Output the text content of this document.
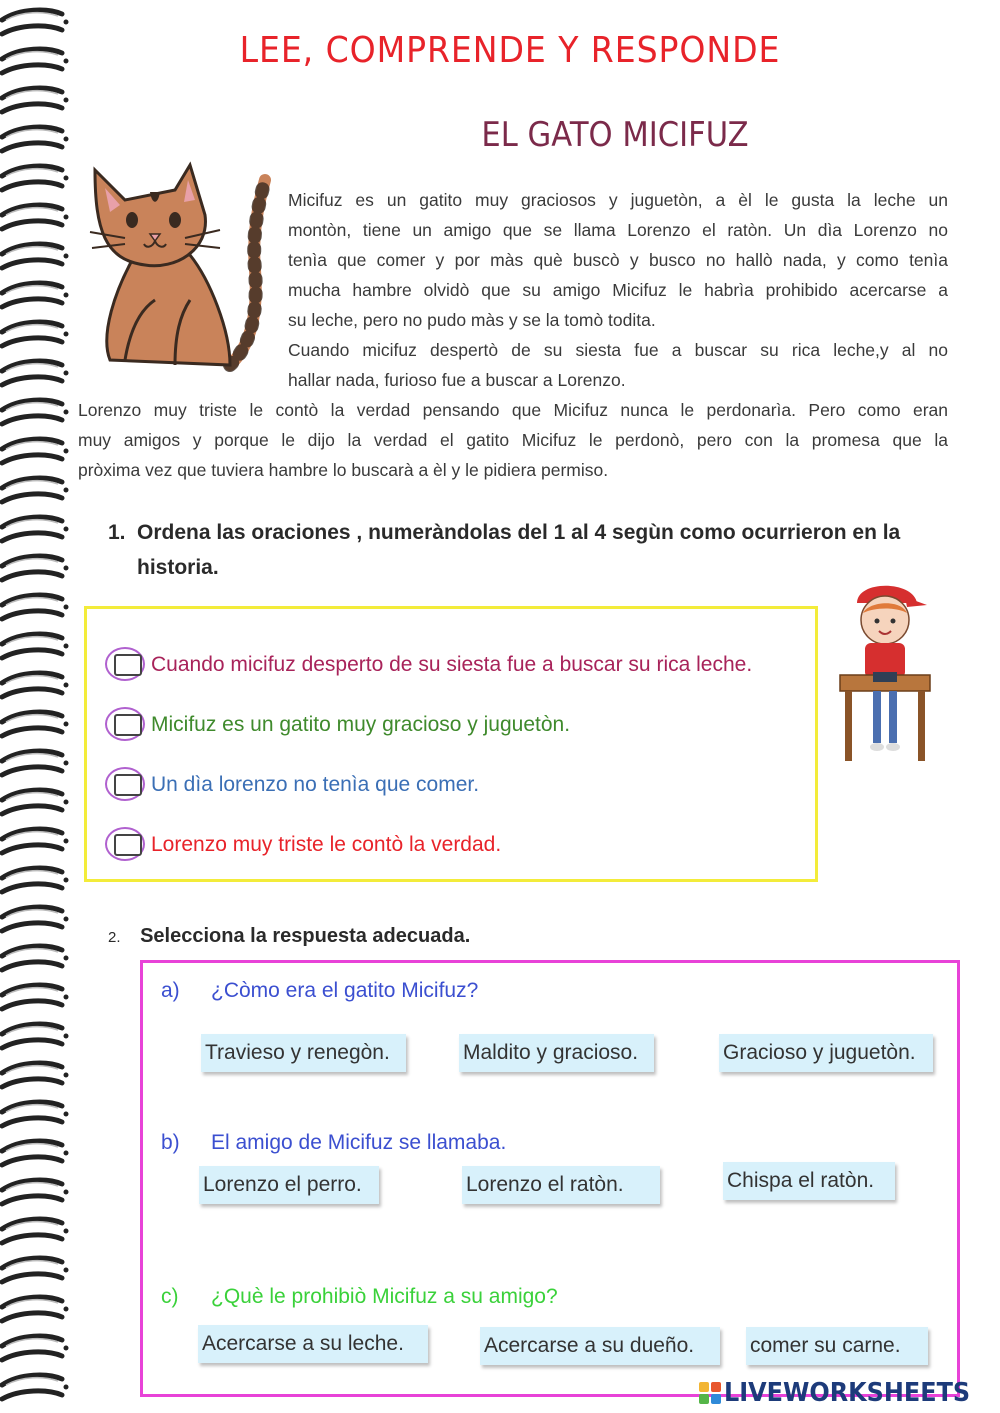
LEE, COMPRENDE Y RESPONDE
EL GATO MICIFUZ

Micifuz es un gatito muy graciosos y juguetòn, a èl le gusta la leche un
montòn, tiene un amigo que se llama Lorenzo el ratòn. Un dìa Lorenzo no
tenìa que comer y por màs què buscò y busco no hallò nada, y como tenìa
mucha hambre olvidò que su amigo Micifuz le habrìa prohibido acercarse a
su leche, pero no pudo màs y se la tomò todita.
Cuando micifuz despertò de su siesta fue a buscar su rica leche,y al no
hallar nada, furioso fue a buscar a Lorenzo.

Lorenzo muy triste le contò la verdad pensando que Micifuz nunca le perdonarìa. Pero como eran
muy amigos y porque le dijo la verdad el gatito Micifuz le perdonò, pero con la promesa que la
pròxima vez que tuviera hambre lo buscarà a èl y le pidiera permiso.

1. Ordena las oraciones , numeràndolas del 1 al 4 segùn como ocurrieron en la historia.
Cuando micifuz desperto de su siesta fue a buscar su rica leche.
Micifuz es un gatito muy gracioso y juguetòn.
Un dìa lorenzo no tenìa que comer.
Lorenzo muy triste le contò la verdad.
2. Selecciona la respuesta adecuada.
a) ¿Còmo era el gatito Micifuz?
Travieso y renegòn.	Maldito y gracioso.	Gracioso y juguetòn.
b) El amigo de Micifuz se llamaba.
Lorenzo el perro.	Lorenzo el ratòn.	Chispa el ratòn.
c) ¿Què le prohibiò Micifuz a su amigo?
Acercarse a su leche.	Acercarse a su dueño.	comer su carne.
LIVEWORKSHEETS
